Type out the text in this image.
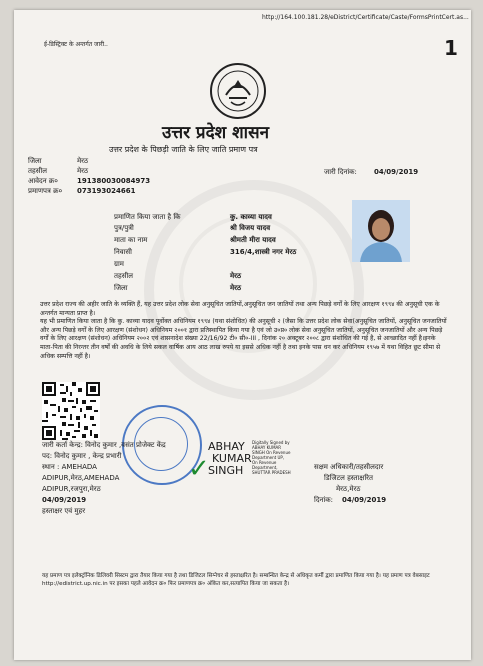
http://164.100.181.28/eDistrict/Certificate/Caste/FormsPrintCert.as...
1
ई-डिस्ट्रिक्ट के अन्तर्गत जारी..
उत्तर प्रदेश शासन
उत्तर प्रदेश के पिछड़ी जाति के लिए जाति प्रमाण पत्र
जिला	मेरठ
तहसील	मेरठ
आवेदन क्र०	191380030084973
प्रमाणपत्र क्र० 073193024661
जारी दिनांक: 04/09/2019
प्रमाणित किया जाता है कि	कु. काव्या यादव
पुत्र/पुत्री	श्री विजय यादव
माता का नाम	श्रीमती मीरा यादव
निवासी	316/4,शास्त्री नगर मेरठ
ग्राम
तहसील	मेरठ
जिला	मेरठ

उत्तर प्रदेश राज्य की अहीर जाति के व्यक्ति हैं, यह उत्तर प्रदेश लोक सेवा अनुसूचित जातियों,अनुसूचित जन जातियों तथा अन्य पिछड़े वर्गों के लिए आरक्षण १९९४ की अनुसूची एक के अन्तर्गत मान्यता प्राप्त है।

यह भी प्रमाणित किया जाता है कि कु. काव्या यादव पूर्वोक्त अधिनियम १९९४ (यथा संशोधित) की अनुसूची २ (जैसा कि उत्तर प्रदेश लोक सेवा(अनुसूचित जातियों, अनुसूचित जनजातियों और अन्य पिछड़े वर्गों के लिए आरक्षण (संशोधन) अधिनियम २००१ द्वारा प्रतिस्थापित किया गया है एवं जो उ०प्र० लोक सेवा अनुसूचित जातियों, अनुसूचित जनजातियों और अन्य पिछड़े वर्गों के लिए आरक्षण (संशोधन) अधिनियम २००२ एवं शासनादेश संख्या 22/16/92 टी० सी०-III , दिनांक २० अक्टूबर २००८ द्वारा संशोधित की गई है, से आच्छादित नहीं है।इनके माता-पिता की निरन्तर तीन वर्षों की अवधि के लिये सकल वार्षिक आय आठ लाख रुपये या इससे अधिक नहीं है तथा इनके पास धन कर अधिनियम १९५७ में यथा विहित छूट सीमा से अधिक सम्पत्ति नहीं है।

✓
जारी कर्ता केन्द्र: विनोद कुमार ,वसंत प्रोजेक्ट केंद्र
पद: विनोद कुमार , केन्द्र प्रभारी
स्थान : AMEHADA
ADIPUR,मेरठ,AMEHADA
ADIPUR,रजपुरा,मेरठ
04/09/2019
हस्ताक्षर एवं मुहर
ABHAY
KUMAR
SINGH
Digitally Signed by
ABHAY KUMAR
SINGH On Revenue
Department UP,
On Revenue
Department,
SHUTTAR PRADESH
सक्षम अधिकारी/तहसीलदार
डिजिटल हस्ताक्षरित
मेरठ,मेरठ
दिनांक: 04/09/2019
यह प्रमाण पत्र इलेक्ट्रॉनिक डिलिवरी सिस्टम द्वारा तैयार किया गया है तथा डिजिटल सिग्नेचर से हस्ताक्षरित है। सम्बन्धित केन्द्र से अधिकृत कर्मी द्वारा प्रमाणित किया गया है। यह प्रमाण पत्र वेबसाइट http://edistrict.up.nic.in पर इसका पहले आवेदन क्र० फिर प्रमाणपत्र क्र० अंकित कर,सत्यापित किया जा सकता है।
